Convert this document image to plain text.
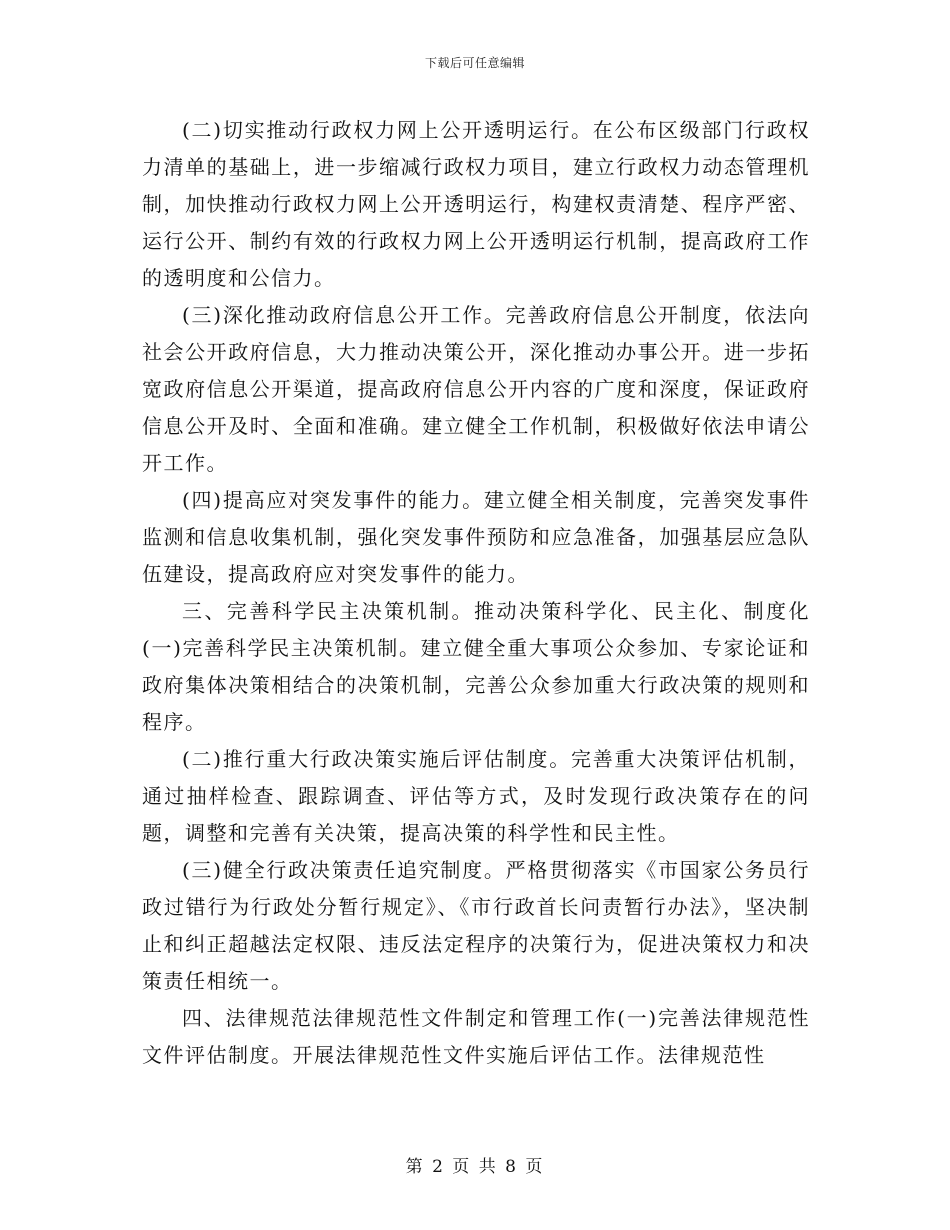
下载后可任意编辑

(二)切实推动行政权力网上公开透明运行。在公布区级部门行政权力清单的基础上，进一步缩减行政权力项目，建立行政权力动态管理机制，加快推动行政权力网上公开透明运行，构建权责清楚、程序严密、运行公开、制约有效的行政权力网上公开透明运行机制，提高政府工作的透明度和公信力。

(三)深化推动政府信息公开工作。完善政府信息公开制度，依法向社会公开政府信息，大力推动决策公开，深化推动办事公开。进一步拓宽政府信息公开渠道，提高政府信息公开内容的广度和深度，保证政府信息公开及时、全面和准确。建立健全工作机制，积极做好依法申请公开工作。

(四)提高应对突发事件的能力。建立健全相关制度，完善突发事件监测和信息收集机制，强化突发事件预防和应急准备，加强基层应急队伍建设，提高政府应对突发事件的能力。

三、完善科学民主决策机制。推动决策科学化、民主化、制度化(一)完善科学民主决策机制。建立健全重大事项公众参加、专家论证和政府集体决策相结合的决策机制，完善公众参加重大行政决策的规则和程序。

(二)推行重大行政决策实施后评估制度。完善重大决策评估机制，通过抽样检查、跟踪调查、评估等方式，及时发现行政决策存在的问题，调整和完善有关决策，提高决策的科学性和民主性。

(三)健全行政决策责任追究制度。严格贯彻落实《市国家公务员行政过错行为行政处分暂行规定》、《市行政首长问责暂行办法》，坚决制止和纠正超越法定权限、违反法定程序的决策行为，促进决策权力和决策责任相统一。

四、法律规范法律规范性文件制定和管理工作(一)完善法律规范性文件评估制度。开展法律规范性文件实施后评估工作。法律规范性

第 2 页 共 8 页
